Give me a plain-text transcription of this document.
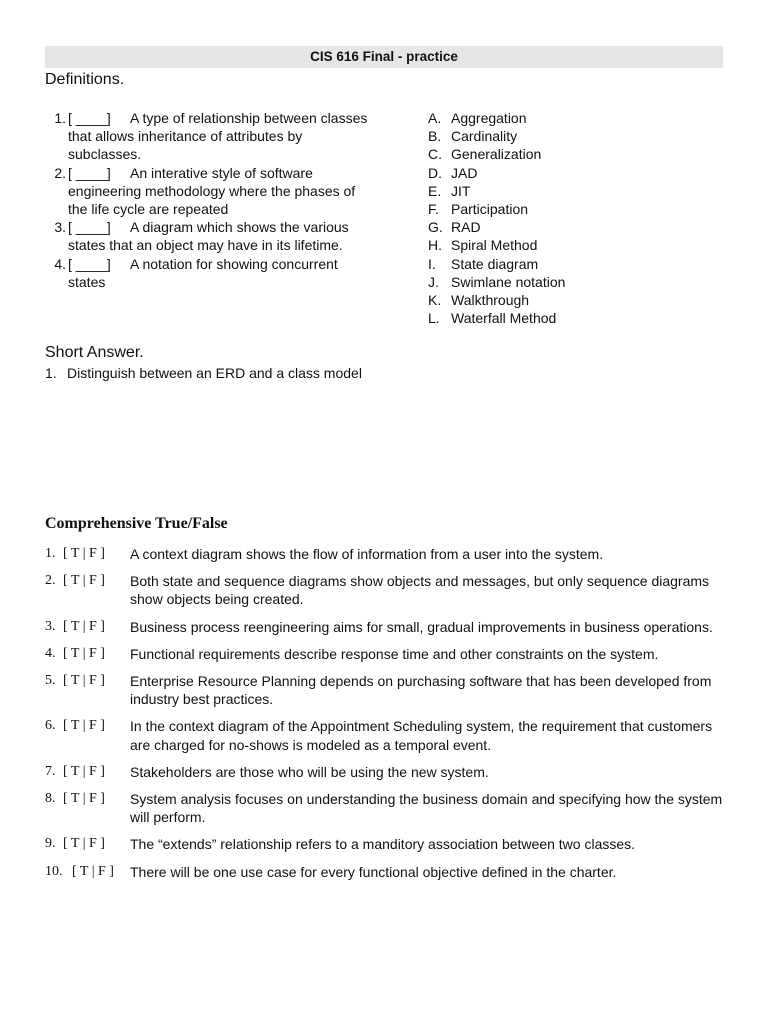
CIS 616 Final - practice
Definitions.
1. [ ____] A type of relationship between classes that allows inheritance of attributes by subclasses.
2. [ ____] An interative style of software engineering methodology where the phases of the life cycle are repeated
3. [ ____] A diagram which shows the various states that an object may have in its lifetime.
4. [ ____] A notation for showing concurrent states
A. Aggregation
B. Cardinality
C. Generalization
D. JAD
E. JIT
F. Participation
G. RAD
H. Spiral Method
I. State diagram
J. Swimlane notation
K. Walkthrough
L. Waterfall Method
Short Answer.
1. Distinguish between an ERD and a class model
Comprehensive True/False
1. [ T | F ] A context diagram shows the flow of information from a user into the system.
2. [ T | F ] Both state and sequence diagrams show objects and messages, but only sequence diagrams show objects being created.
3. [ T | F ] Business process reengineering aims for small, gradual improvements in business operations.
4. [ T | F ] Functional requirements describe response time and other constraints on the system.
5. [ T | F ] Enterprise Resource Planning depends on purchasing software that has been developed from industry best practices.
6. [ T | F ] In the context diagram of the Appointment Scheduling system, the requirement that customers are charged for no-shows is modeled as a temporal event.
7. [ T | F ] Stakeholders are those who will be using the new system.
8. [ T | F ] System analysis focuses on understanding the business domain and specifying how the system will perform.
9. [ T | F ] The “extends” relationship refers to a manditory association between two classes.
10. [ T | F ] There will be one use case for every functional objective defined in the charter.
